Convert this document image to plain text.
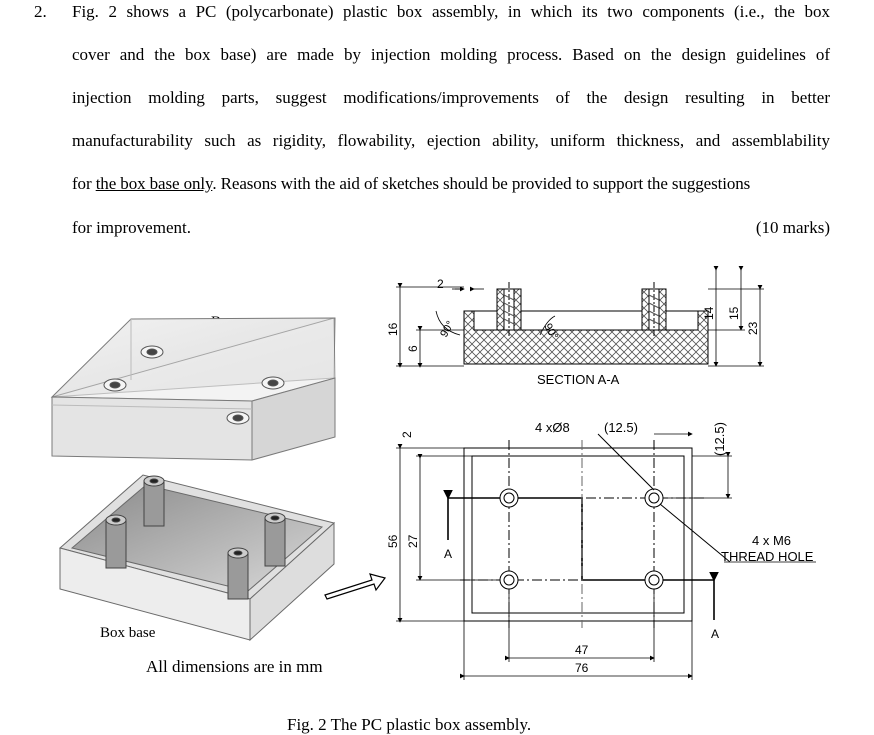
2. Fig. 2 shows a PC (polycarbonate) plastic box assembly, in which its two components (i.e., the box
cover and the box base) are made by injection molding process. Based on the design guidelines of
injection molding parts, suggest modifications/improvements of the design resulting in better
manufacturability such as rigidity, flowability, ejection ability, uniform thickness, and assemblability
for the box base only. Reasons with the aid of sketches should be provided to support the suggestions
for improvement.	(10 marks)
Box base
All dimensions are in mm
Fig. 2 The PC plastic box assembly.
2
16
6
90°	90°
14 15
23
SECTION A-A
4 xØ8	(12.5)	(12.5)
2
56 27
A
A
47
76
4 x M6
THREAD HOLE
